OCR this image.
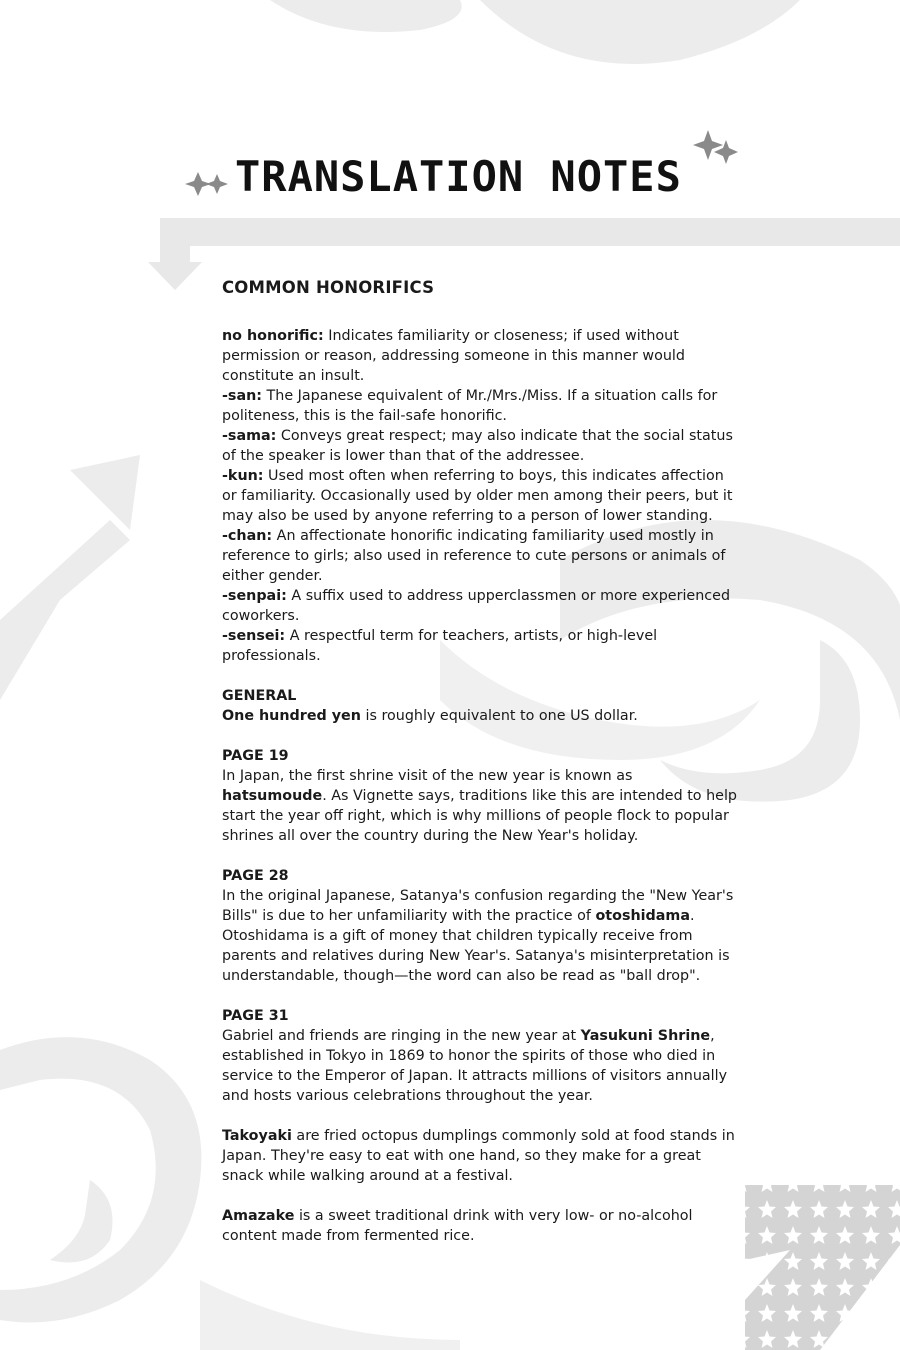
TRANSLATION NOTES
COMMON HONORIFICS

no honorific: Indicates familiarity or closeness; if used without permission or reason, addressing someone in this manner would constitute an insult.

-san: The Japanese equivalent of Mr./Mrs./Miss. If a situation calls for politeness, this is the fail-safe honorific.

-sama: Conveys great respect; may also indicate that the social status of the speaker is lower than that of the addressee.

-kun: Used most often when referring to boys, this indicates affection or familiarity. Occasionally used by older men among their peers, but it may also be used by anyone referring to a person of lower standing.

-chan: An affectionate honorific indicating familiarity used mostly in reference to girls; also used in reference to cute persons or animals of either gender.

-senpai: A suffix used to address upperclassmen or more experienced coworkers.

-sensei: A respectful term for teachers, artists, or high-level professionals.

GENERAL

One hundred yen is roughly equivalent to one US dollar.

PAGE 19

In Japan, the first shrine visit of the new year is known as hatsumoude. As Vignette says, traditions like this are intended to help start the year off right, which is why millions of people flock to popular shrines all over the country during the New Year's holiday.

PAGE 28

In the original Japanese, Satanya's confusion regarding the "New Year's Bills" is due to her unfamiliarity with the practice of otoshidama. Otoshidama is a gift of money that children typically receive from parents and relatives during New Year's. Satanya's misinterpretation is understandable, though—the word can also be read as "ball drop".

PAGE 31

Gabriel and friends are ringing in the new year at Yasukuni Shrine, established in Tokyo in 1869 to honor the spirits of those who died in service to the Emperor of Japan. It attracts millions of visitors annually and hosts various celebrations throughout the year.

Takoyaki are fried octopus dumplings commonly sold at food stands in Japan. They're easy to eat with one hand, so they make for a great snack while walking around at a festival.

Amazake is a sweet traditional drink with very low- or no-alcohol content made from fermented rice.
